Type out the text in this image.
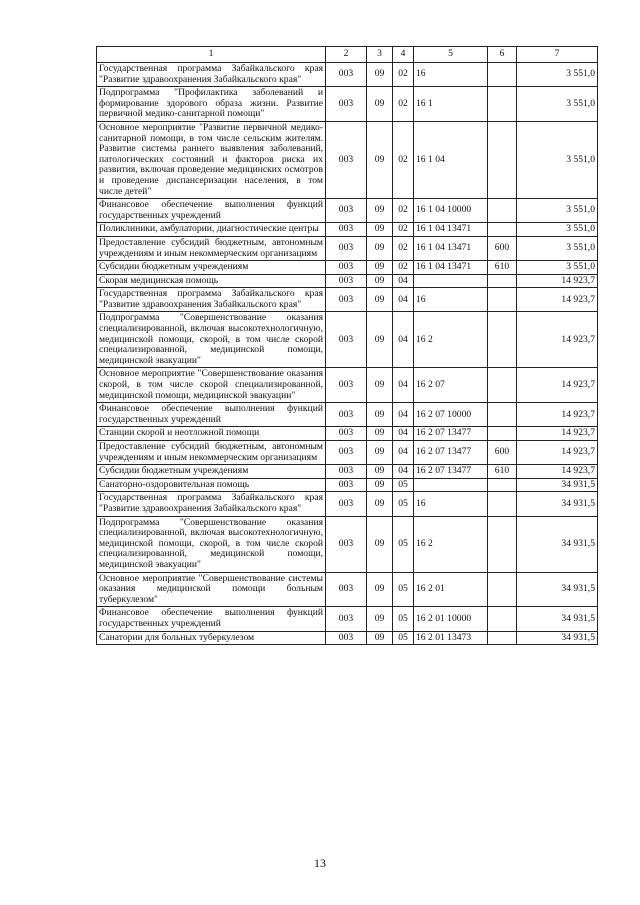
1	2	3	4	5	6	7
Государственная программа Забайкальского края "Развитие здравоохранения Забайкальского края"	003	09	02	16		3 551,0
Подпрограмма "Профилактика заболеваний и формирование здорового образа жизни. Развитие первичной медико-санитарной помощи"	003	09	02	16 1		3 551,0
Основное мероприятие "Развитие первичной медико-санитарной помощи, в том числе сельским жителям. Развитие системы раннего выявления заболеваний, патологических состояний и факторов риска их развития, включая проведение медицинских осмотров и проведение диспансеризации населения, в том числе детей"	003	09	02	16 1 04		3 551,0
Финансовое обеспечение выполнения функций государственных учреждений	003	09	02	16 1 04 10000		3 551,0
Поликлиники, амбулатории, диагностические центры	003	09	02	16 1 04 13471		3 551,0
Предоставление субсидий бюджетным, автономным учреждениям и иным некоммерческим организациям	003	09	02	16 1 04 13471	600	3 551,0
Субсидии бюджетным учреждениям	003	09	02	16 1 04 13471	610	3 551,0
Скорая медицинская помощь	003	09	04			14 923,7
Государственная программа Забайкальского края "Развитие здравоохранения Забайкальского края"	003	09	04	16		14 923,7
Подпрограмма "Совершенствование оказания специализированной, включая высокотехнологичную, медицинской помощи, скорой, в том числе скорой специализированной, медицинской помощи, медицинской эвакуации"	003	09	04	16 2		14 923,7
Основное мероприятие "Совершенствование оказания скорой, в том числе скорой специализированной, медицинской помощи, медицинской эвакуации"	003	09	04	16 2 07		14 923,7
Финансовое обеспечение выполнения функций государственных учреждений	003	09	04	16 2 07 10000		14 923,7
Станции скорой и неотложной помощи	003	09	04	16 2 07 13477		14 923,7
Предоставление субсидий бюджетным, автономным учреждениям и иным некоммерческим организациям	003	09	04	16 2 07 13477	600	14 923,7
Субсидии бюджетным учреждениям	003	09	04	16 2 07 13477	610	14 923,7
Санаторно-оздоровительная помощь	003	09	05			34 931,5
Государственная программа Забайкальского края "Развитие здравоохранения Забайкальского края"	003	09	05	16		34 931,5
Подпрограмма "Совершенствование оказания специализированной, включая высокотехнологичную, медицинской помощи, скорой, в том числе скорой специализированной, медицинской помощи, медицинской эвакуации"	003	09	05	16 2		34 931,5
Основное мероприятие "Совершенствование системы оказания медицинской помощи больным туберкулезом"	003	09	05	16 2 01		34 931,5
Финансовое обеспечение выполнения функций государственных учреждений	003	09	05	16 2 01 10000		34 931,5
Санатории для больных туберкулезом	003	09	05	16 2 01 13473		34 931,5
13
